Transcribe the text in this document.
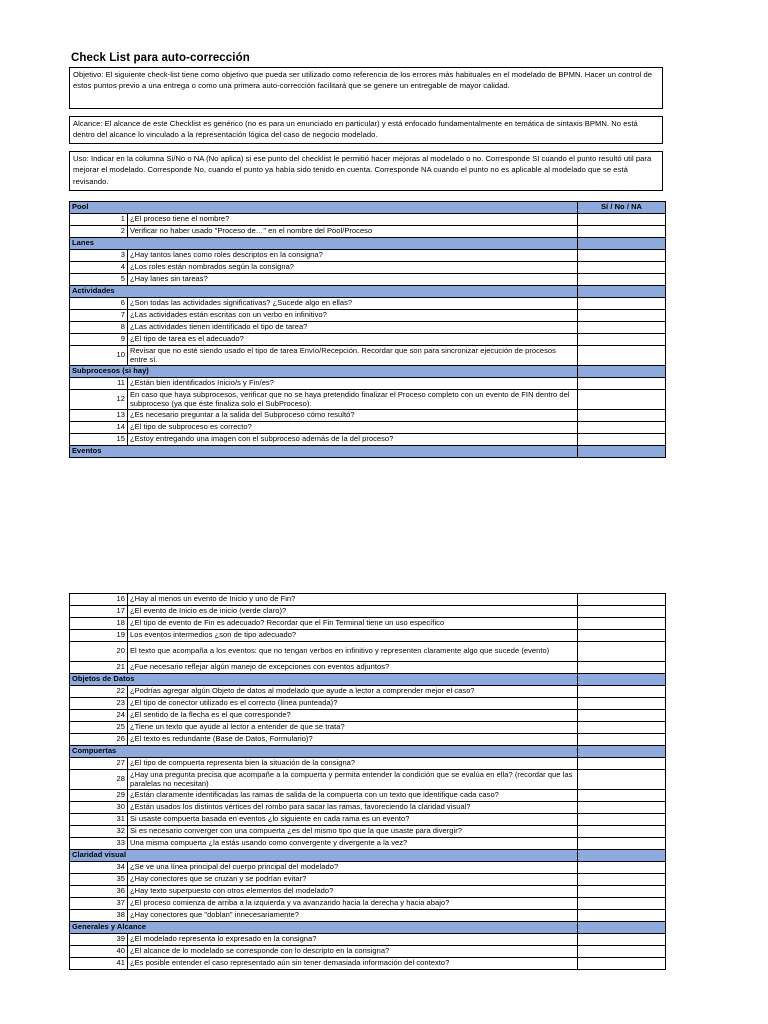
Check List para auto-corrección
Objetivo: El siguiente check-list tiene como objetivo que pueda ser utilizado como referencia de los errores más habituales en el modelado de BPMN. Hacer un control de estos puntos previo a una entrega o como una primera auto-corrección facilitará que se genere un entregable de mayor calidad.
Alcance: El alcance de este Checklist es genérico (no es para un enunciado en particular) y está enfocado fundamentalmente en temática de sintaxis BPMN. No está dentro del alcance lo vinculado a la representación lógica del caso de negocio modelado.
Uso: Indicar en la columna Si/No o NA (No aplica) si ese punto del checklist le permitió hacer mejoras al modelado o no. Corresponde SI cuando el punto resultó util para mejorar el modelado. Corresponde No, cuando el punto ya había sido tenido en cuenta. Corresponde NA cuando el punto no es aplicable al modelado que se está revisando.
Pool		Sí / No / NA
1	¿El proceso tiene el nombre?	
2	Verificar no haber usado "Proceso de…" en el nombre del Pool/Proceso	
Lanes		
3	¿Hay tantos lanes como roles descriptos en la consigna?	
4	¿Los roles están nombrados según la consigna?	
5	¿Hay lanes sin tareas?	
Actividades		
6	¿Son todas las actividades significativas? ¿Sucede algo en ellas?	
7	¿Las actividades están escritas con un verbo en infinitivo?	
8	¿Las actividades tienen identificado el tipo de tarea?	
9	¿El tipo de tarea es el adecuado?	
10	Revisar que no esté siendo usado el tipo de tarea Envío/Recepción. Recordar que son para sincronizar ejecución de procesos entre sí.	
Subprocesos (si hay)		
11	¿Están bien identificados Inicio/s y Fin/es?	
12	En caso que haya subprocesos, verificar que no se haya pretendido finalizar el Proceso completo con un evento de FIN dentro del subproceso (ya que éste finaliza solo el SubProceso).	
13	¿Es necesario preguntar a la salida del Subproceso cómo resultó?	
14	¿El tipo de subproceso es correcto?	
15	¿Estoy entregando una imagen con el subproceso además de la del proceso?	
Eventos		
16	¿Hay al menos un evento de Inicio y uno de Fin?	
17	¿El evento de Inicio es de inicio (verde claro)?	
18	¿El tipo de evento de Fin es adecuado? Recordar que el Fin Terminal tiene un uso específico	
19	Los eventos intermedios ¿son de tipo adecuado?	
20	El texto que acompaña a los eventos: que no tengan verbos en infinitivo y representen claramente algo que sucede (evento)	
21	¿Fue necesario reflejar algún manejo de excepciones con eventos adjuntos?	
Objetos de Datos		
22	¿Podrías agregar algún Objeto de datos al modelado que ayude a lector a comprender mejor el caso?	
23	¿El tipo de conector utilizado es el correcto (línea punteada)?	
24	¿El sentido de la flecha es el que corresponde?	
25	¿Tiene un texto que ayude al lector a entender de que se trata?	
26	¿El texto es redundante (Base de Datos, Formulario)?	
Compuertas		
27	¿El tipo de compuerta representa bien la situación de la consigna?	
28	¿Hay una pregunta precisa que acompañe a la compuerta y permita entender la condición que se evalúa en ella? (recordar que las paralelas no necesitan)	
29	¿Están claramente identificadas las ramas de salida de la compuerta con un texto que identifique cada caso?	
30	¿Están usados los distintos vértices del rombo para sacar las ramas, favoreciendo la claridad visual?	
31	Si usaste compuerta basada en eventos ¿lo siguiente en cada rama es un evento?	
32	Si es necesario converger con una compuerta ¿es del mismo tipo que la que usaste para divergir?	
33	Una misma compuerta ¿la estás usando como convergente y divergente a la vez?	
Claridad visual		
34	¿Se ve una línea principal del cuerpo principal del modelado?	
35	¿Hay conectores que se cruzan y se podrían evitar?	
36	¿Hay texto superpuesto con otros elementos del modelado?	
37	¿El proceso comienza de arriba a la izquierda y va avanzando hacia la derecha y hacia abajo?	
38	¿Hay conectores que "doblan" innecesariamente?	
Generales y Alcance		
39	¿El modelado representa lo expresado en la consigna?	
40	¿El alcance de lo modelado se corresponde con lo descripto en la consigna?	
41	¿Es posible entender el caso representado aún sin tener demasiada información del contexto?	
